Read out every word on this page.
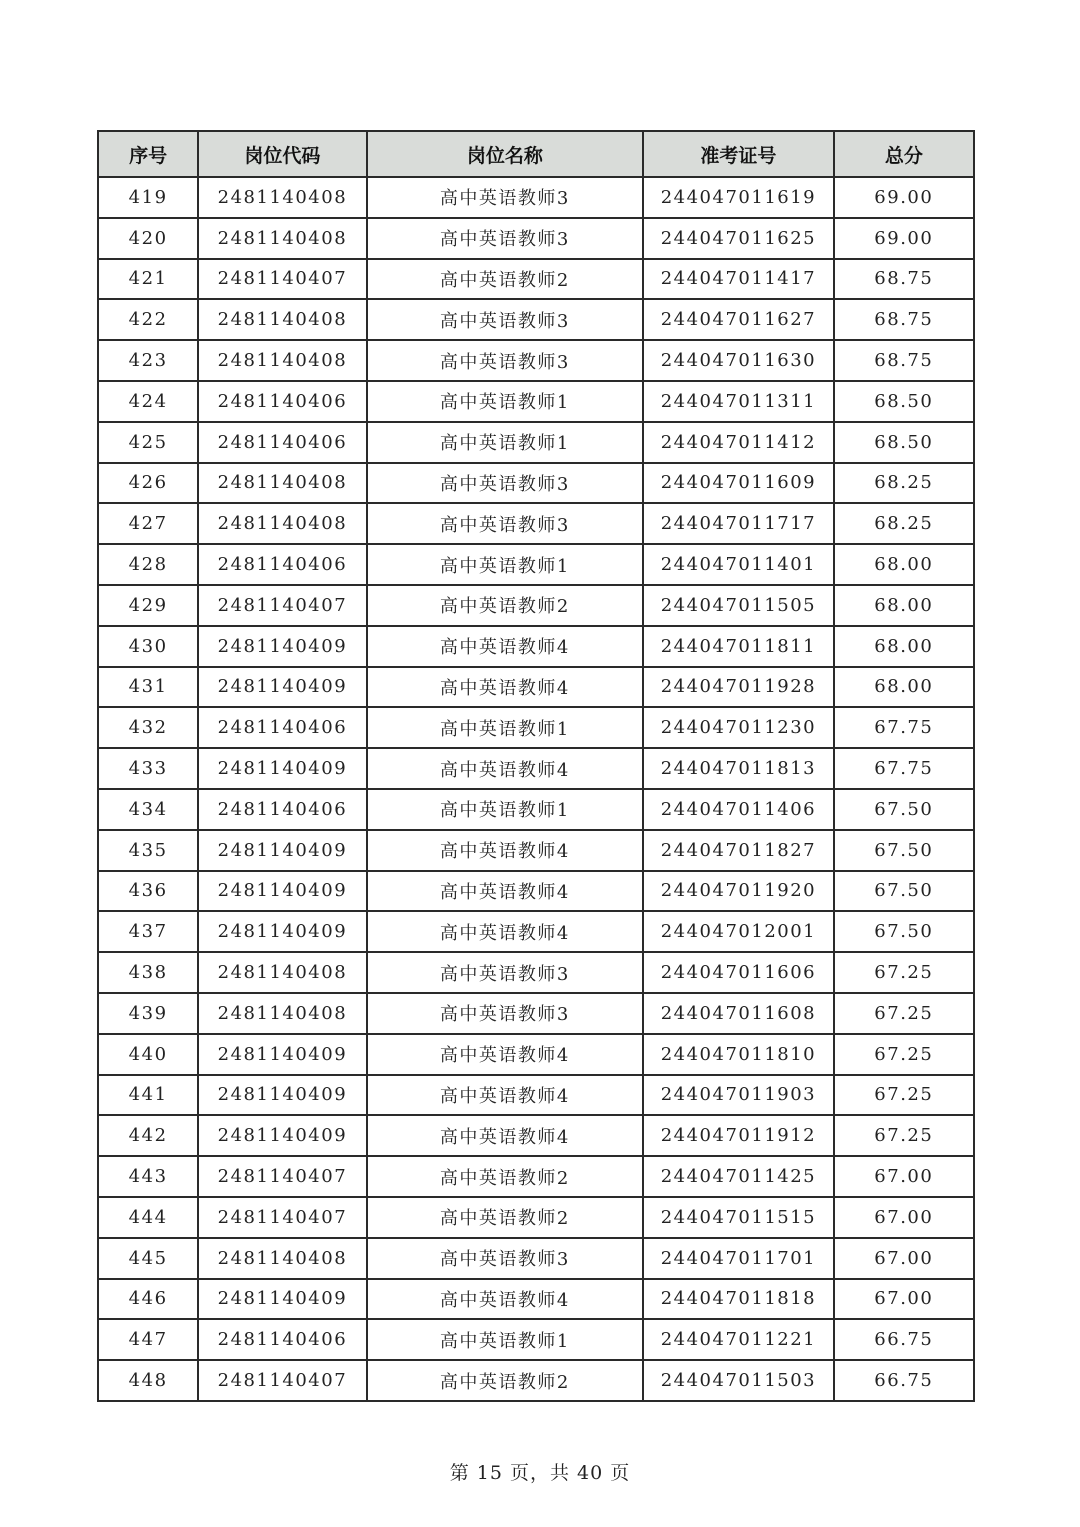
序号	岗位代码	岗位名称	准考证号	总分
419	2481140408	高中英语教师3	244047011619	69.00
420	2481140408	高中英语教师3	244047011625	69.00
421	2481140407	高中英语教师2	244047011417	68.75
422	2481140408	高中英语教师3	244047011627	68.75
423	2481140408	高中英语教师3	244047011630	68.75
424	2481140406	高中英语教师1	244047011311	68.50
425	2481140406	高中英语教师1	244047011412	68.50
426	2481140408	高中英语教师3	244047011609	68.25
427	2481140408	高中英语教师3	244047011717	68.25
428	2481140406	高中英语教师1	244047011401	68.00
429	2481140407	高中英语教师2	244047011505	68.00
430	2481140409	高中英语教师4	244047011811	68.00
431	2481140409	高中英语教师4	244047011928	68.00
432	2481140406	高中英语教师1	244047011230	67.75
433	2481140409	高中英语教师4	244047011813	67.75
434	2481140406	高中英语教师1	244047011406	67.50
435	2481140409	高中英语教师4	244047011827	67.50
436	2481140409	高中英语教师4	244047011920	67.50
437	2481140409	高中英语教师4	244047012001	67.50
438	2481140408	高中英语教师3	244047011606	67.25
439	2481140408	高中英语教师3	244047011608	67.25
440	2481140409	高中英语教师4	244047011810	67.25
441	2481140409	高中英语教师4	244047011903	67.25
442	2481140409	高中英语教师4	244047011912	67.25
443	2481140407	高中英语教师2	244047011425	67.00
444	2481140407	高中英语教师2	244047011515	67.00
445	2481140408	高中英语教师3	244047011701	67.00
446	2481140409	高中英语教师4	244047011818	67.00
447	2481140406	高中英语教师1	244047011221	66.75
448	2481140407	高中英语教师2	244047011503	66.75
第 15 页，共 40 页
